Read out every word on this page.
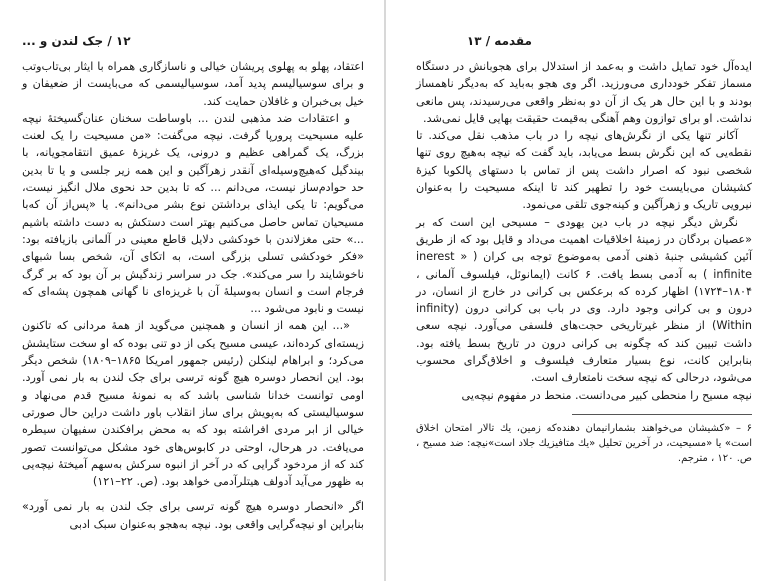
۱۲ / جک لندن و ...

اعتقاد، پهلو به پهلوی پریشان خیالی و ناسازگاری همراه با ایثار بی‌تاب‌وتب و برای سوسیالیسم پدید آمد، سوسیالیسمی که می‌بایست از ضعیفان و خیل بی‌خبران و غافلان حمایت کند.

و اعتقادات ضد مذهبی لندن ... باوساطت سخنان عنان‌گسیختهٔ نیچه علیه مسیحیت پرورپا گرفت. نیچه می‌گفت: «من مسیحیت را یک لعنت بزرگ، یک گمراهی عظیم و درونی، یک غریزهٔ عمیق انتقامجویانه، با بیندگیل که‌هیچ‌وسیله‌ای آنقدر زهرآگین و این همه زیر جلسی و یا تا بدین حد حوادم‌ساز نیست، می‌دانم ... که تا بدین حد نحوی ملال انگیز نیست، می‌گویم: تا یکی ایذای برداشتن نوع بشر می‌دانم». یا «پس‌از آن که‌با مسیحیان تماس حاصل می‌کنیم بهتر است دستکش به دست داشته باشیم ...» حتی مغزلاندن با خودکشی دلایل قاطع معینی در آلمانی بازیافته بود: «فکر خودکشی تسلی بزرگی است، به اتکای آن، شخص بسا شبهای ناخوشایند را سر می‌کند». جک در سراسر زندگیش بر آن بود که بر گرگ فرجام است و انسان به‌وسیلهٔ آن با غریزه‌ای نا گهانی همچون پشه‌ای که نیست و نابود می‌شود ...

«... این همه از انسان و همچنین می‌گوید از همهٔ مردانی که تاکنون زیسته‌ای کرده‌اند، عیسی مسیح یکی از دو تنی بوده که او سخت ستایشش می‌کرد؛ و ابراهام لینکلن (رئیس جمهور امریکا ۱۸۶۵–۱۸۰۹) شخص دیگر بود. این انحصار دوسره هیچ گونه ترسی برای جک لندن به بار نمی آورد. اومی توانست خدانا شناسی باشد که به نمونهٔ مسیح قدم می‌نهاد و سوسیالیستی که به‌پویش برای ساز انقلاب باور داشت دراین حال صورتی خیالی از ابر مردی افراشته بود که به محض برافکندن سفیهان سیطره می‌یافت. در هرحال، اوحتی در کابوس‌های خود مشکل می‌توانست تصور کند که از مردخود گرایی که در آخر از انبوه سرکش به‌سهم آمیختهٔ نیچه‌یی به ظهور می‌آید آدولف هیتلرآدمی خواهد بود. (ص. ۲۲–۱۲۱)

اگر «انحصار دوسره هیچ گونه ترسی برای جک لندن به بار نمی آورد» بنابراین او نیچه‌گرایی واقعی بود. نیچه به‌هجو به‌عنوان سبک ادبی
مقدمه / ۱۳

ایده‌آل خود تمایل داشت و به‌عمد از استدلال برای هجوبانش در دستگاه مسماز تفکر خودداری می‌ورزید. اگر وی هجو به‌باید که به‌دیگر ناهمساز بودند و با این حال هر یک از آن دو به‌نظر واقعی می‌رسیدند، پس مانعی نداشت. او برای توازون وهم آهنگی به‌قیمت حقیقت بهایی قایل نمی‌شد.

آکانر تنها یکی از نگرش‌های نیچه را در باب مذهب نقل می‌کند. تا نقطه‌یی که این نگرش بسط می‌یابد، باید گفت که نیچه به‌هیچ روی تنها شخصی نبود که اصرار داشت پس از تماس با دستهای پالکوبا کیزهٔ کشیشان می‌بایست خود را تطهیر کند تا اینکه مسیحیت را به‌عنوان نیرویی تاریک و زهرآگین و کینه‌جوی تلقی می‌نمود.

نگرش دیگر نیچه در باب دین یهودی – مسیحی این است که بر «عصیان بردگان در زمینهٔ اخلاقیات اهمیت می‌داد و قایل بود که از طریق آئین کشیشی جنبهٔ ذهنی آدمی به‌موضوع توجه بی کران ( inerest » infinite ) به آدمی بسط یافت. ۶ کانت (ایمانوئل، فیلسوف آلمانی ، ۱۸۰۴–۱۷۲۴) اظهار کرده که برعکس بی کرانی در خارج از انسان، در درون و بی کرانی وجود دارد. وی در باب بی کرانی درون (infinity Within) از منظر غیرتاریخی حجت‌های فلسفی می‌آورد. نیچه سعی داشت تبیین کند که چگونه بی کرانی درون در تاریخ بسط یافته بود. بنابراین کانت، نوع بسیار متعارف فیلسوف و اخلاق‌گرای محسوب می‌شود، درحالی که نیچه سخت نامتعارف است.

نیچه مسیح را منحطی کبیر می‌دانست. منحط در مفهوم نیچه‌یی

۶ – «کشیشان می‌خواهند بشمارانیمان دهنده‌که زمین، یك تالار امتحان اخلاق است» یا «مسیحیت، در آخرین تحلیل «یك متافیزیك جلاد است»نیچه: ضد مسیح ، ص. ۱۲۰ ، مترجم.
